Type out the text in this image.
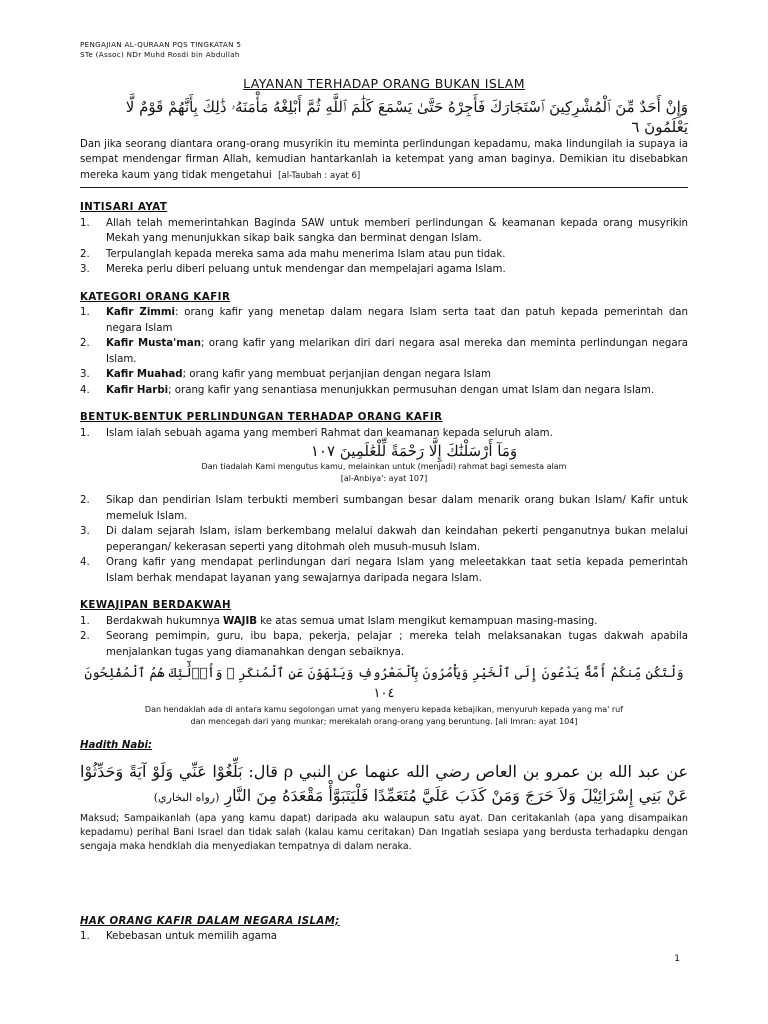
PENGAJIAN AL-QURAAN PQS TINGKATAN 5
STe (Assoc) NDr Muhd Rosdi bin Abdullah
LAYANAN TERHADAP ORANG BUKAN ISLAM
وَإِنْ أَحَدٌ مِّنَ ٱلْمُشْرِكِينَ ٱسْتَجَارَكَ فَأَجِرْهُ حَتَّىٰ يَسْمَعَ كَلَٰمَ ٱللَّهِ ثُمَّ أَبْلِغْهُ مَأْمَنَهُۥ ذَٰلِكَ بِأَنَّهُمْ قَوْمٌ لَّا يَعْلَمُونَ ٦
Dan jika seorang diantara orang-orang musyrikin itu meminta perlindungan kepadamu, maka lindungilah ia supaya ia sempat mendengar firman Allah, kemudian hantarkanlah ia ketempat yang aman baginya. Demikian itu disebabkan mereka kaum yang tidak mengetahui [al-Taubah : ayat 6]
INTISARI AYAT
1.	Allah telah memerintahkan Baginda SAW untuk memberi perlindungan & keamanan kepada orang musyrikin Mekah yang menunjukkan sikap baik sangka dan berminat dengan Islam.
2.	Terpulanglah kepada mereka sama ada mahu menerima Islam atau pun tidak.
3.	Mereka perlu diberi peluang untuk mendengar dan mempelajari agama Islam.
KATEGORI ORANG KAFIR
1.	Kafir Zimmi: orang kafir yang menetap dalam negara Islam serta taat dan patuh kepada pemerintah dan negara Islam
2.	Kafir Musta'man; orang kafir yang melarikan diri dari negara asal mereka dan meminta perlindungan negara Islam.
3.	Kafir Muahad; orang kafir yang membuat perjanjian dengan negara Islam
4.	Kafir Harbi; orang kafir yang senantiasa menunjukkan permusuhan dengan umat Islam dan negara Islam.
BENTUK-BENTUK PERLINDUNGAN TERHADAP ORANG KAFIR
1.	Islam ialah sebuah agama yang memberi Rahmat dan keamanan kepada seluruh alam.
وَمَآ أَرْسَلْنَٰكَ إِلَّا رَحْمَةً لِّلْعَٰلَمِينَ ١٠٧
Dan tiadalah Kami mengutus kamu, melainkan untuk (menjadi) rahmat bagi semesta alam
[al-Anbiya': ayat 107]
2.	Sikap dan pendirian Islam terbukti memberi sumbangan besar dalam menarik orang bukan Islam/ Kafir untuk memeluk Islam.
3.	Di dalam sejarah Islam, islam berkembang melalui dakwah dan keindahan pekerti penganutnya bukan melalui peperangan/ kekerasan seperti yang ditohmah oleh musuh-musuh Islam.
4.	Orang kafir yang mendapat perlindungan dari negara Islam yang meleetakkan taat setia kepada pemerintah Islam berhak mendapat layanan yang sewajarnya daripada negara Islam.
KEWAJIPAN BERDAKWAH
1.	Berdakwah hukumnya WAJIB ke atas semua umat Islam mengikut kemampuan masing-masing.
2.	Seorang pemimpin, guru, ibu bapa, pekerja, pelajar ; mereka telah melaksanakan tugas dakwah apabila menjalankan tugas yang diamanahkan dengan sebaiknya.
وَلْتَكُن مِّنكُمْ أُمَّةٌ يَدْعُونَ إِلَى ٱلْخَيْرِ وَيَأْمُرُونَ بِٱلْمَعْرُوفِ وَيَنْهَوْنَ عَنِ ٱلْمُنكَرِ ۚ وَأُو۟لَٰٓئِكَ هُمُ ٱلْمُفْلِحُونَ ١٠٤
Dan hendaklah ada di antara kamu segolongan umat yang menyeru kepada kebajikan, menyuruh kepada yang ma' ruf
dan mencegah dari yang munkar; merekalah orang-orang yang beruntung. [ali Imran: ayat 104]
Hadith Nabi:
عن عبد الله بن عمرو بن العاص رضي الله عنهما عن النبي ρ قال: بَلِّغُوْا عَنِّي وَلَوْ آيَةً وَحَدِّثُوْا عَنْ بَنِي إِسْرَائِيْلَ وَلاَ حَرَجَ وَمَنْ كَذَبَ عَلَيَّ مُتَعَمِّدًا فَلْيَتَبَوَّأْ مَقْعَدَهُ مِنَ النَّارِ (رواه البخاري)
Maksud; Sampaikanlah (apa yang kamu dapat) daripada aku walaupun satu ayat. Dan ceritakanlah (apa yang disampaikan kepadamu) perihal Bani Israel dan tidak salah (kalau kamu ceritakan) Dan Ingatlah sesiapa yang berdusta terhadapku dengan sengaja maka hendklah dia menyediakan tempatnya di dalam neraka.
HAK ORANG KAFIR DALAM NEGARA ISLAM;
1.	Kebebasan untuk memilih agama
1
